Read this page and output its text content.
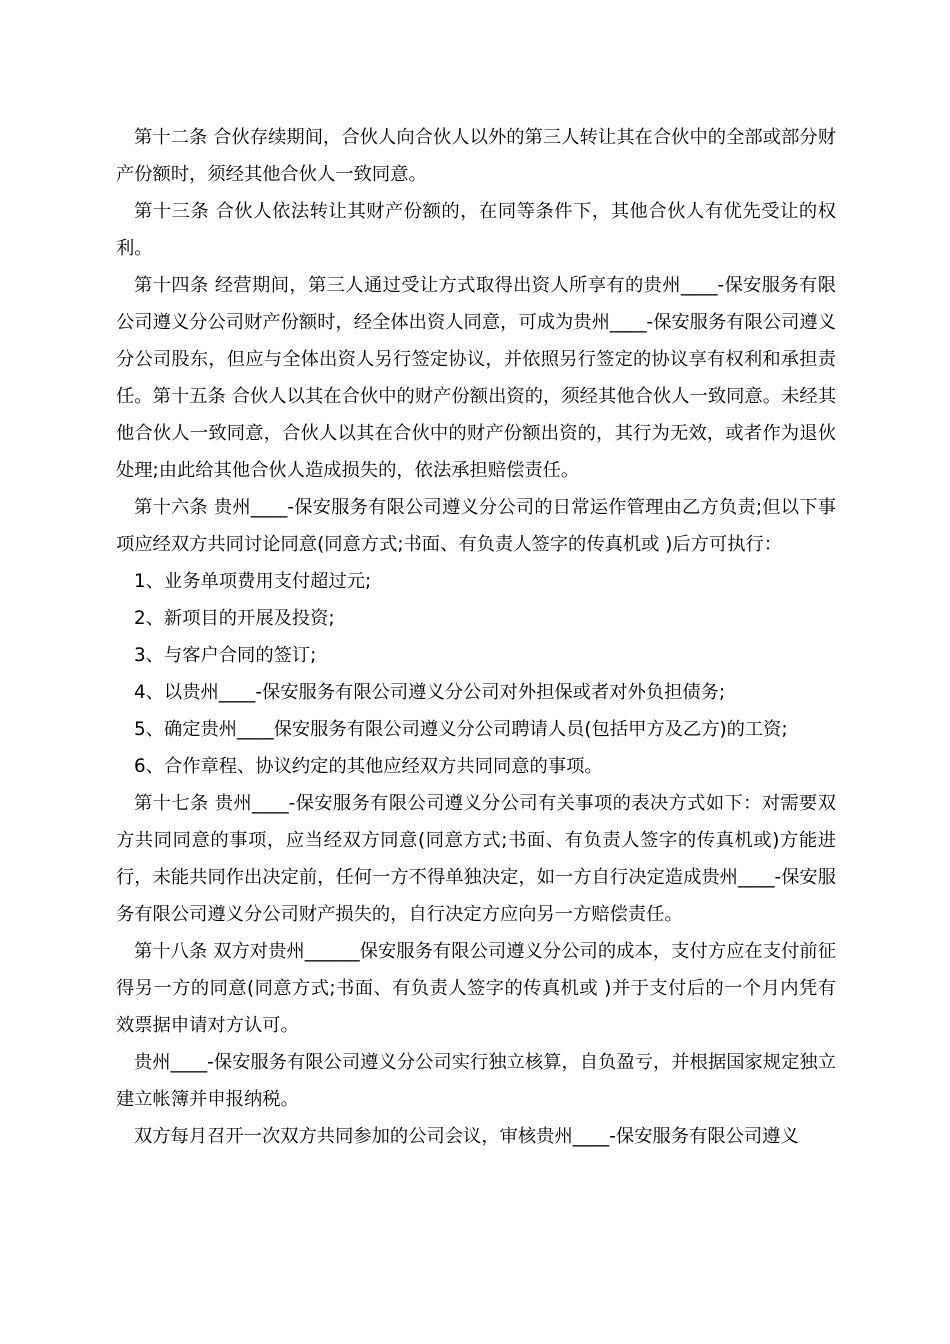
第十二条 合伙存续期间，合伙人向合伙人以外的第三人转让其在合伙中的全部或部分财产份额时，须经其他合伙人一致同意。

第十三条 合伙人依法转让其财产份额的，在同等条件下，其他合伙人有优先受让的权利。

第十四条 经营期间，第三人通过受让方式取得出资人所享有的贵州____-保安服务有限公司遵义分公司财产份额时，经全体出资人同意，可成为贵州____-保安服务有限公司遵义分公司股东，但应与全体出资人另行签定协议，并依照另行签定的协议享有权利和承担责任。第十五条 合伙人以其在合伙中的财产份额出资的，须经其他合伙人一致同意。未经其他合伙人一致同意，合伙人以其在合伙中的财产份额出资的，其行为无效，或者作为退伙处理;由此给其他合伙人造成损失的，依法承担赔偿责任。

第十六条 贵州____-保安服务有限公司遵义分公司的日常运作管理由乙方负责;但以下事项应经双方共同讨论同意(同意方式;书面、有负责人签字的传真机或 )后方可执行：

1、业务单项费用支付超过元;

2、新项目的开展及投资;

3、与客户合同的签订;

4、以贵州____-保安服务有限公司遵义分公司对外担保或者对外负担债务;

5、确定贵州____保安服务有限公司遵义分公司聘请人员(包括甲方及乙方)的工资;

6、合作章程、协议约定的其他应经双方共同同意的事项。

第十七条 贵州____-保安服务有限公司遵义分公司有关事项的表决方式如下：对需要双方共同同意的事项，应当经双方同意(同意方式;书面、有负责人签字的传真机或)方能进行，未能共同作出决定前，任何一方不得单独决定，如一方自行决定造成贵州____-保安服务有限公司遵义分公司财产损失的，自行决定方应向另一方赔偿责任。

第十八条 双方对贵州______保安服务有限公司遵义分公司的成本，支付方应在支付前征得另一方的同意(同意方式;书面、有负责人签字的传真机或 )并于支付后的一个月内凭有效票据申请对方认可。

贵州____-保安服务有限公司遵义分公司实行独立核算，自负盈亏，并根据国家规定独立建立帐簿并申报纳税。

双方每月召开一次双方共同参加的公司会议，审核贵州____-保安服务有限公司遵义
